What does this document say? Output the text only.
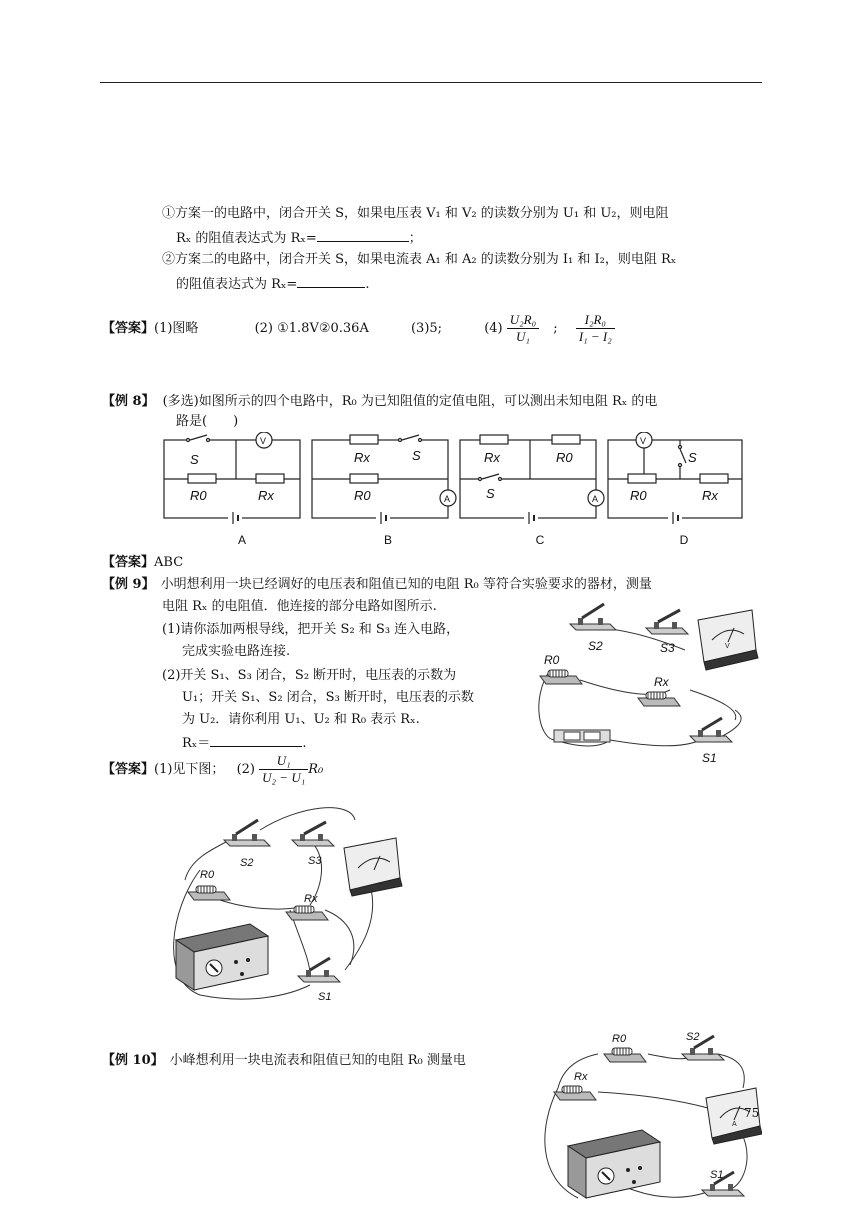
①方案一的电路中，闭合开关 S，如果电压表 V₁ 和 V₂ 的读数分别为 U₁ 和 U₂，则电阻
Rₓ 的阻值表达式为 Rₓ=	；
②方案二的电路中，闭合开关 S，如果电流表 A₁ 和 A₂ 的读数分别为 I₁ 和 I₂，则电阻 Rₓ
的阻值表达式为 Rₓ=	.
【答案】(1)图略	(2) ①1.8V②0.36A	(3)5;	$(4) \frac{\text{U₂R₀}}{\text{U₁}}$ ; $\frac{\text{I₂R₀}}{\text{I₁ − I₂}}$
【例 8】 (多选)如图所示的四个电路中，R₀ 为已知阻值的定值电阻，可以测出未知电阻 Rₓ 的电
路是(　　)
S
V
R0	Rx
Rx	S
R0	A
Rx	R0
S	A
V
S
R0	Rx
A	B	C	D
【答案】ABC
【例 9】 小明想利用一块已经调好的电压表和阻值已知的电阻 R₀ 等符合实验要求的器材，测量
电阻 Rₓ 的电阻值．他连接的部分电路如图所示.
(1)请你添加两根导线，把开关 S₂ 和 S₃ 连入电路，
完成实验电路连接.
(2)开关 S₁、S₃ 闭合，S₂ 断开时，电压表的示数为
U₁；开关 S₁、S₂ 闭合，S₃ 断开时，电压表的示数
为 U₂．请你利用 U₁、U₂ 和 R₀ 表示 Rₓ.
Rₓ＝	.
V
S2	S3
R0
Rx
S1
【答案】(1)见下图； $(2) \frac{\text{U₁}}{\text{U₂ − U₁}} R_0$
S2	S3
R0
Rx
S1
【例 10】 小峰想利用一块电流表和阻值已知的电阻 R₀ 测量电
A
R0	S2
Rx
S1
75
